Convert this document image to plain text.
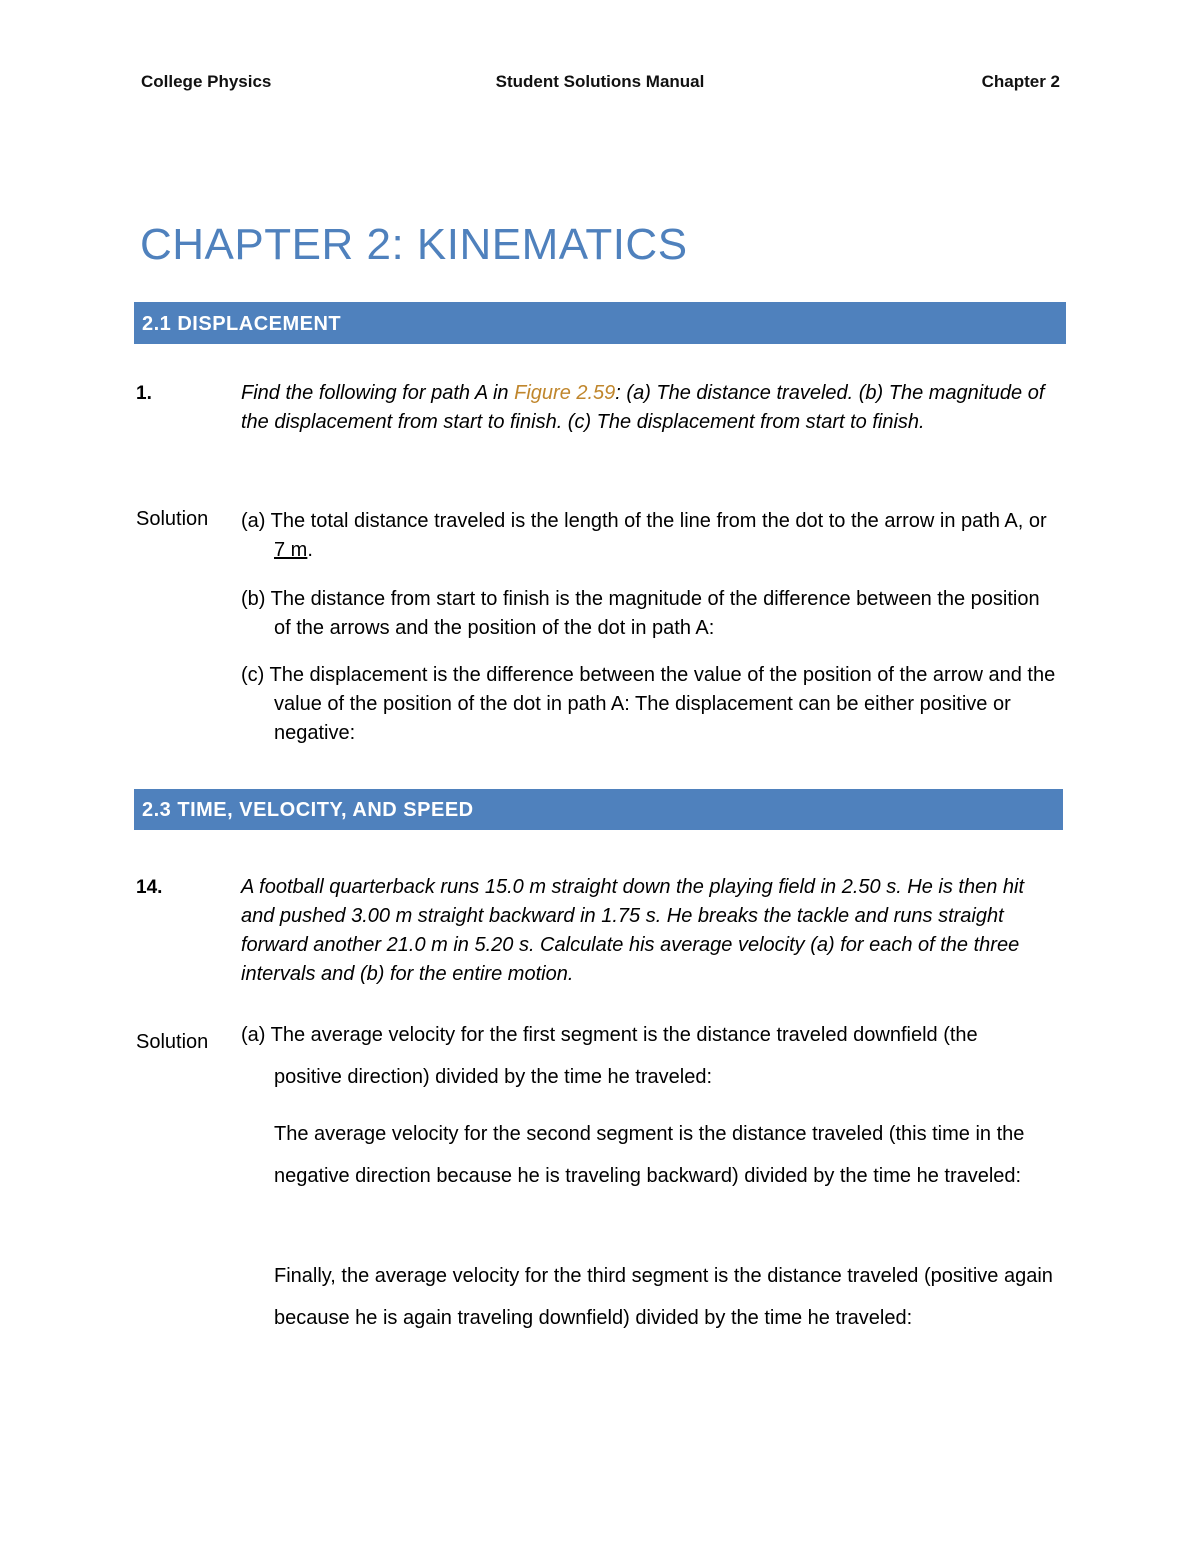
College Physics	Student Solutions Manual	Chapter 2
CHAPTER 2: KINEMATICS
2.1 DISPLACEMENT
1.	Find the following for path A in Figure 2.59: (a) The distance traveled. (b) The magnitude of the displacement from start to finish. (c) The displacement from start to finish.
Solution (a) The total distance traveled is the length of the line from the dot to the arrow in path A, or 7 m.
(b) The distance from start to finish is the magnitude of the difference between the position of the arrows and the position of the dot in path A:
(c) The displacement is the difference between the value of the position of the arrow and the value of the position of the dot in path A: The displacement can be either positive or negative:
2.3 TIME, VELOCITY, AND SPEED
14.	A football quarterback runs 15.0 m straight down the playing field in 2.50 s. He is then hit and pushed 3.00 m straight backward in 1.75 s. He breaks the tackle and runs straight forward another 21.0 m in 5.20 s. Calculate his average velocity (a) for each of the three intervals and (b) for the entire motion.
Solution (a) The average velocity for the first segment is the distance traveled downfield (the
positive direction) divided by the time he traveled:
The average velocity for the second segment is the distance traveled (this time in the negative direction because he is traveling backward) divided by the time he traveled:
Finally, the average velocity for the third segment is the distance traveled (positive again because he is again traveling downfield) divided by the time he traveled:
